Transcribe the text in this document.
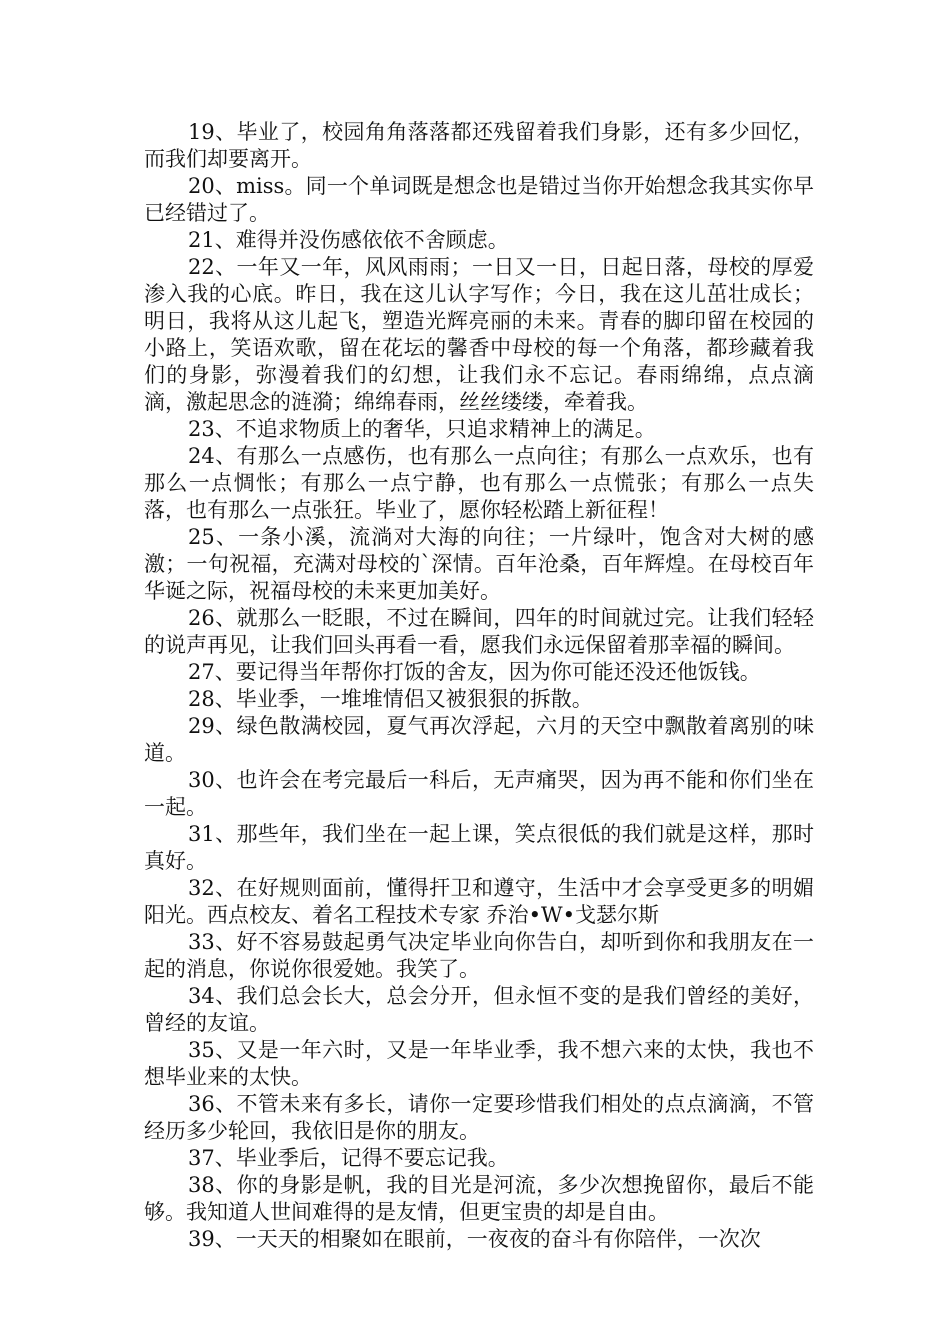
19、毕业了，校园角角落落都还残留着我们身影，还有多少回忆，而我们却要离开。

20、miss。同一个单词既是想念也是错过当你开始想念我其实你早已经错过了。

21、难得并没伤感依依不舍顾虑。

22、一年又一年，风风雨雨；一日又一日，日起日落，母校的厚爱渗入我的心底。昨日，我在这儿认字写作；今日，我在这儿茁壮成长；明日，我将从这儿起飞，塑造光辉亮丽的未来。青春的脚印留在校园的小路上，笑语欢歌，留在花坛的馨香中母校的每一个角落，都珍藏着我们的身影，弥漫着我们的幻想，让我们永不忘记。春雨绵绵，点点滴滴，激起思念的涟漪；绵绵春雨，丝丝缕缕，牵着我。

23、不追求物质上的奢华，只追求精神上的满足。

24、有那么一点感伤，也有那么一点向往；有那么一点欢乐，也有那么一点惆怅；有那么一点宁静，也有那么一点慌张；有那么一点失落，也有那么一点张狂。毕业了，愿你轻松踏上新征程！

25、一条小溪，流淌对大海的向往；一片绿叶，饱含对大树的感激；一句祝福，充满对母校的`深情。百年沧桑，百年辉煌。在母校百年华诞之际，祝福母校的未来更加美好。

26、就那么一眨眼，不过在瞬间，四年的时间就过完。让我们轻轻的说声再见，让我们回头再看一看，愿我们永远保留着那幸福的瞬间。

27、要记得当年帮你打饭的舍友，因为你可能还没还他饭钱。

28、毕业季，一堆堆情侣又被狠狠的拆散。

29、绿色散满校园，夏气再次浮起，六月的天空中飘散着离别的味道。

30、也许会在考完最后一科后，无声痛哭，因为再不能和你们坐在一起。

31、那些年，我们坐在一起上课，笑点很低的我们就是这样，那时真好。

32、在好规则面前，懂得扞卫和遵守，生活中才会享受更多的明媚阳光。西点校友、着名工程技术专家 乔治•W•戈瑟尔斯

33、好不容易鼓起勇气决定毕业向你告白，却听到你和我朋友在一起的消息，你说你很爱她。我笑了。

34、我们总会长大，总会分开，但永恒不变的是我们曾经的美好，曾经的友谊。

35、又是一年六时，又是一年毕业季，我不想六来的太快，我也不想毕业来的太快。

36、不管未来有多长，请你一定要珍惜我们相处的点点滴滴，不管经历多少轮回，我依旧是你的朋友。

37、毕业季后，记得不要忘记我。

38、你的身影是帆，我的目光是河流，多少次想挽留你，最后不能够。我知道人世间难得的是友情，但更宝贵的却是自由。

39、一天天的相聚如在眼前，一夜夜的奋斗有你陪伴，一次次
